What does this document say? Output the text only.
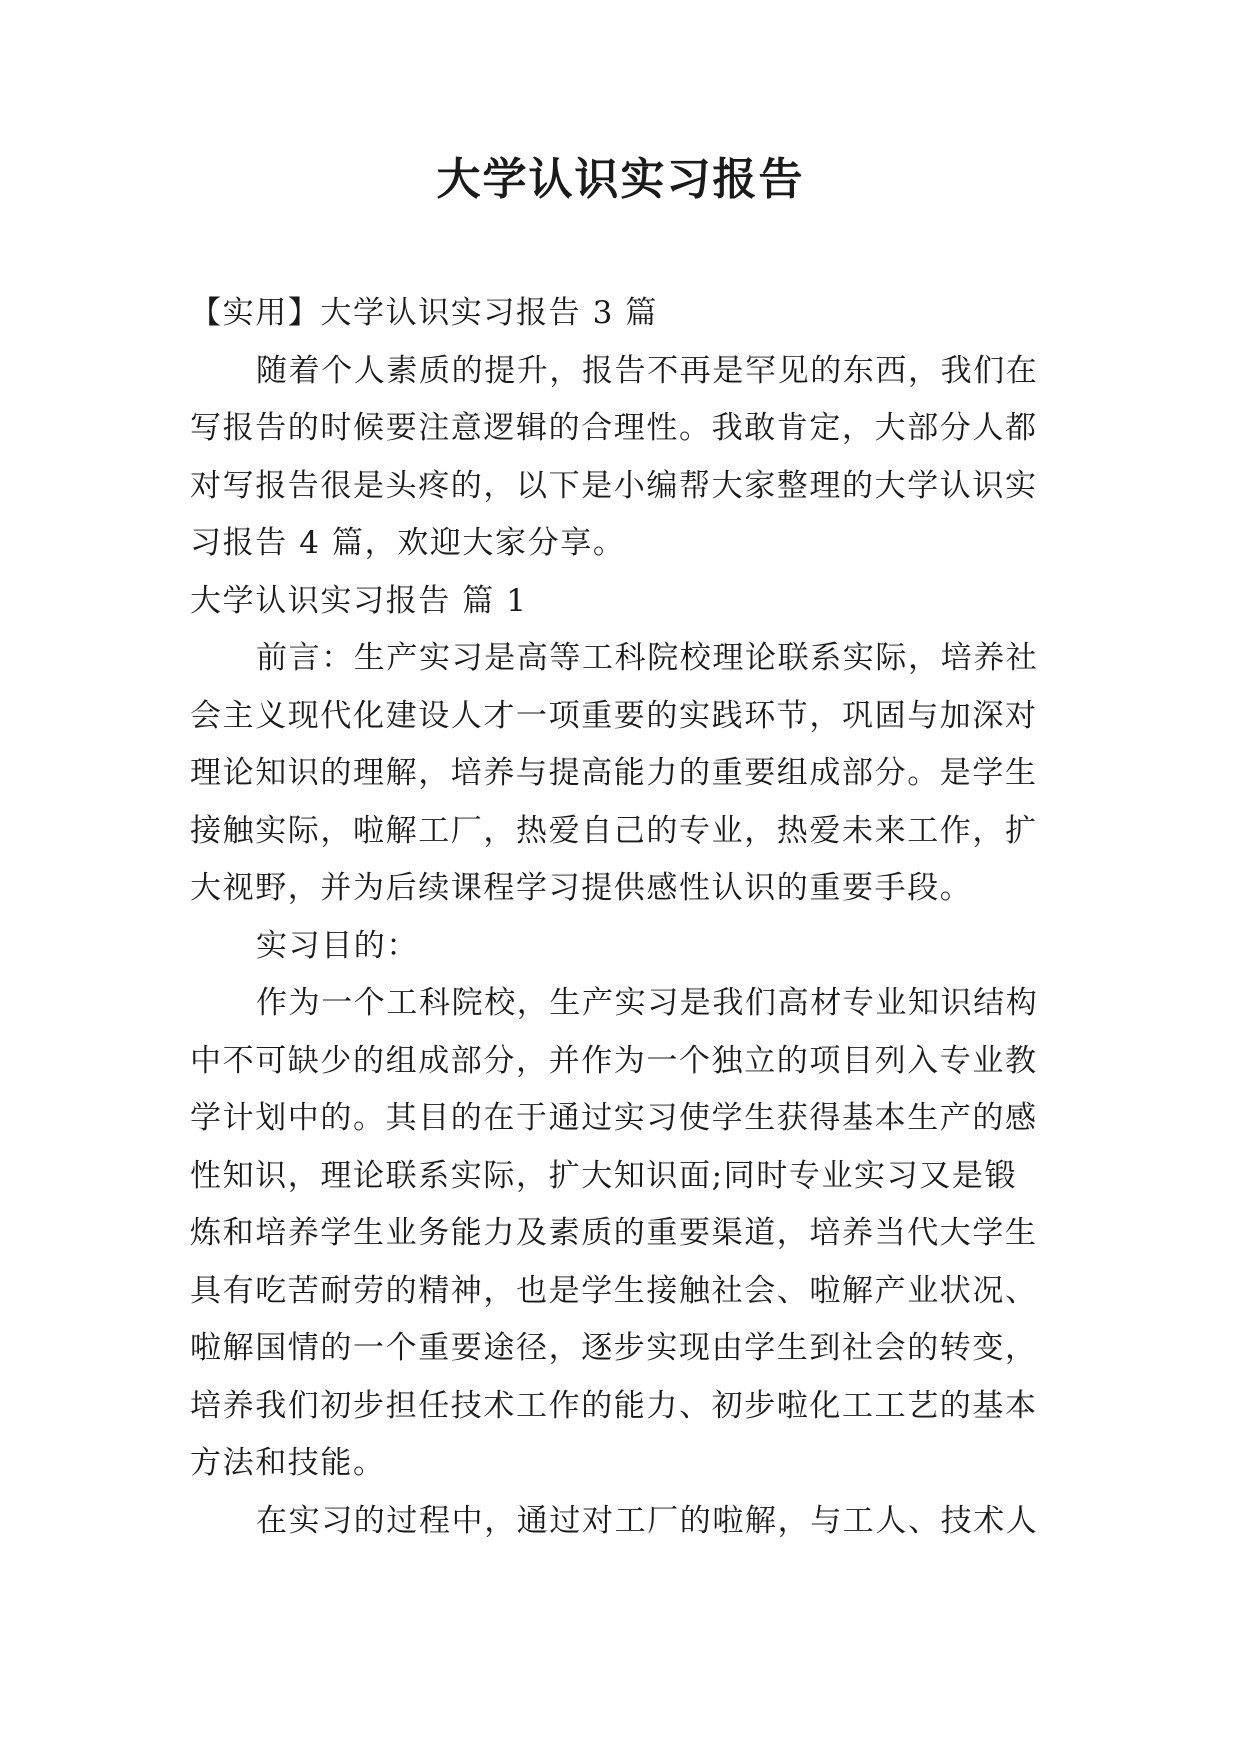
大学认识实习报告

【实用】大学认识实习报告 3 篇

随着个人素质的提升，报告不再是罕见的东西，我们在

写报告的时候要注意逻辑的合理性。我敢肯定，大部分人都

对写报告很是头疼的，以下是小编帮大家整理的大学认识实

习报告 4 篇，欢迎大家分享。

大学认识实习报告 篇 1

前言：生产实习是高等工科院校理论联系实际，培养社

会主义现代化建设人才一项重要的实践环节，巩固与加深对

理论知识的理解，培养与提高能力的重要组成部分。是学生

接触实际，啦解工厂，热爱自己的专业，热爱未来工作，扩

大视野，并为后续课程学习提供感性认识的重要手段。

实习目的：

作为一个工科院校，生产实习是我们高材专业知识结构

中不可缺少的组成部分，并作为一个独立的项目列入专业教

学计划中的。其目的在于通过实习使学生获得基本生产的感

性知识，理论联系实际，扩大知识面;同时专业实习又是锻

炼和培养学生业务能力及素质的重要渠道，培养当代大学生

具有吃苦耐劳的精神，也是学生接触社会、啦解产业状况、

啦解国情的一个重要途径，逐步实现由学生到社会的转变，

培养我们初步担任技术工作的能力、初步啦化工工艺的基本

方法和技能。

在实习的过程中，通过对工厂的啦解，与工人、技术人
